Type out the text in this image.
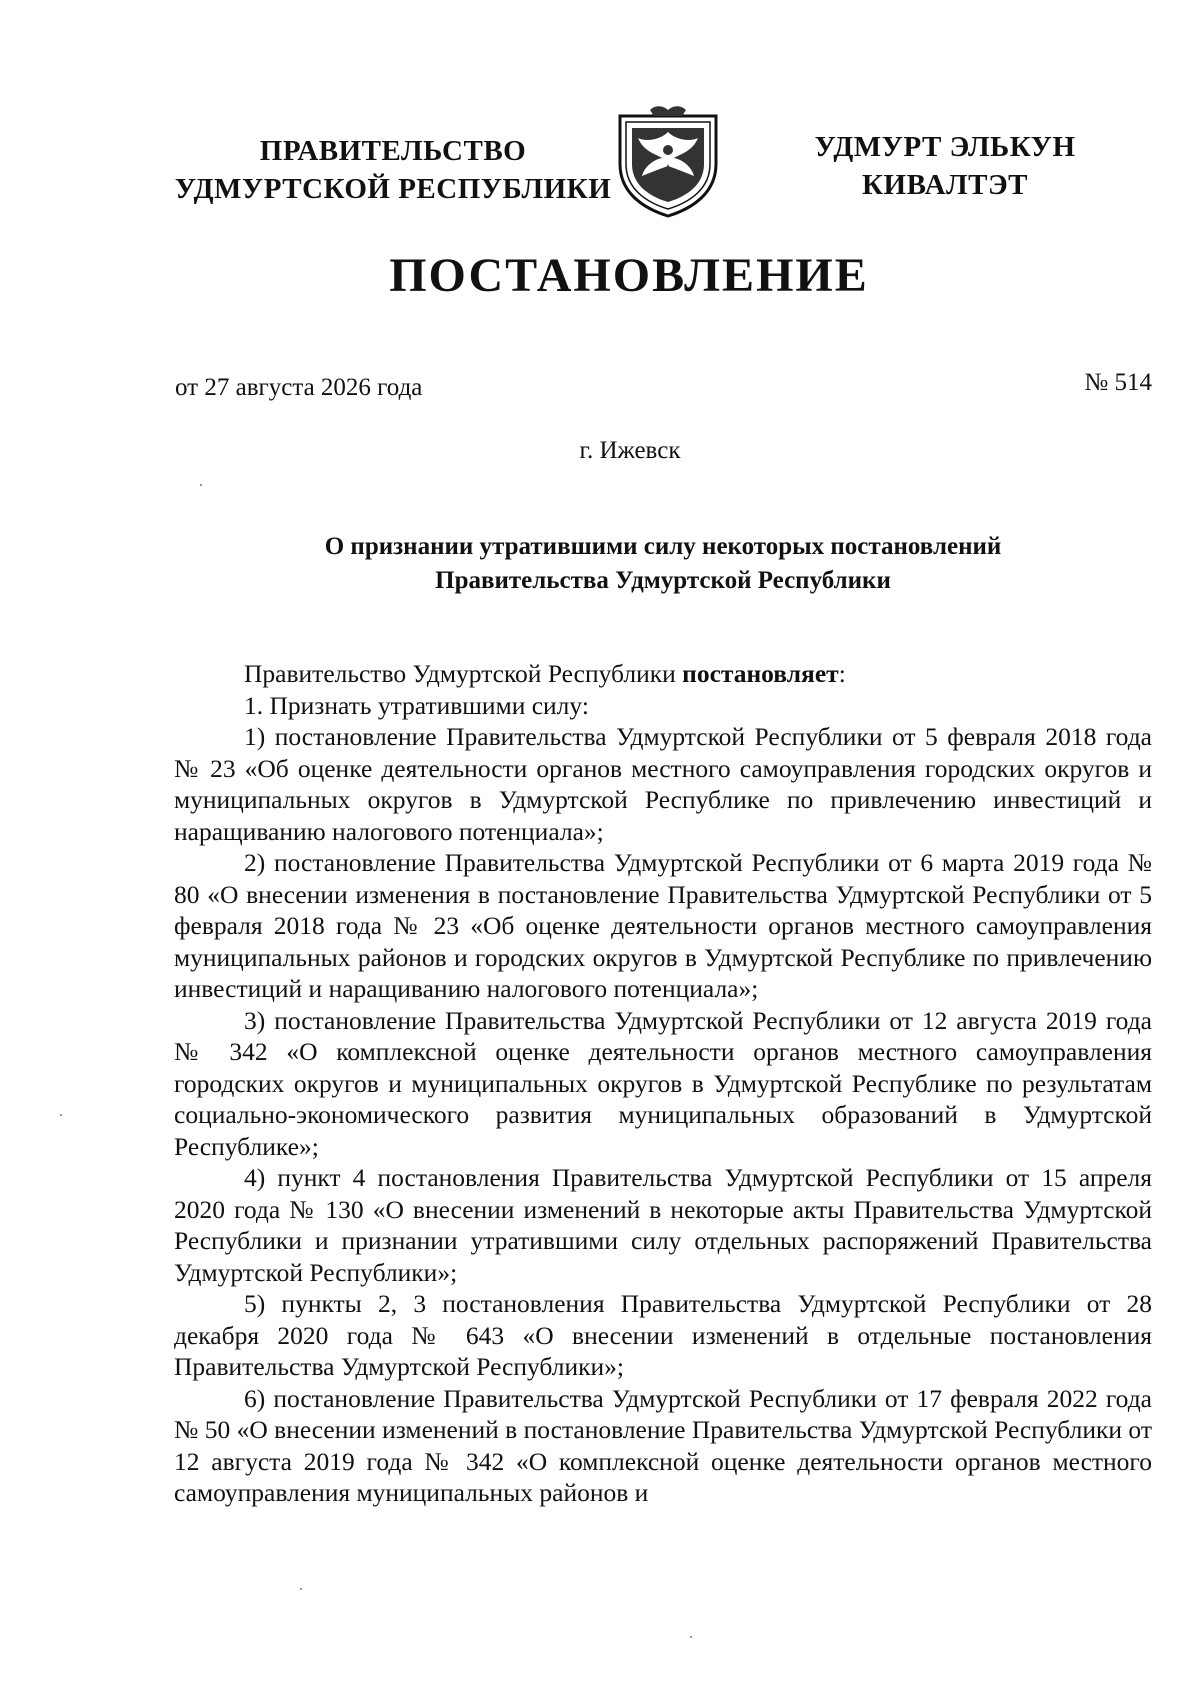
ПРАВИТЕЛЬСТВО
УДМУРТСКОЙ РЕСПУБЛИКИ
УДМУРТ ЭЛЬКУН
КИВАЛТЭТ
ПОСТАНОВЛЕНИЕ
от 27 августа 2026 года	№ 514
г. Ижевск
О признании утратившими силу некоторых постановлений
Правительства Удмуртской Республики

Правительство Удмуртской Республики постановляет:

1. Признать утратившими силу:

1) постановление Правительства Удмуртской Республики от 5 февраля 2018 года № 23 «Об оценке деятельности органов местного самоуправления городских округов и муниципальных округов в Удмуртской Республике по привлечению инвестиций и наращиванию налогового потенциала»;

2) постановление Правительства Удмуртской Республики от 6 марта 2019 года № 80 «О внесении изменения в постановление Правительства Удмуртской Республики от 5 февраля 2018 года № 23 «Об оценке деятельности органов местного самоуправления муниципальных районов и городских округов в Удмуртской Республике по привлечению инвестиций и наращиванию налогового потенциала»;

3) постановление Правительства Удмуртской Республики от 12 августа 2019 года № 342 «О комплексной оценке деятельности органов местного самоуправления городских округов и муниципальных округов в Удмуртской Республике по результатам социально-экономического развития муниципальных образований в Удмуртской Республике»;

4) пункт 4 постановления Правительства Удмуртской Республики от 15 апреля 2020 года № 130 «О внесении изменений в некоторые акты Правительства Удмуртской Республики и признании утратившими силу отдельных распоряжений Правительства Удмуртской Республики»;

5) пункты 2, 3 постановления Правительства Удмуртской Республики от 28 декабря 2020 года № 643 «О внесении изменений в отдельные постановления Правительства Удмуртской Республики»;

6) постановление Правительства Удмуртской Республики от 17 февраля 2022 года № 50 «О внесении изменений в постановление Правительства Удмуртской Республики от 12 августа 2019 года № 342 «О комплексной оценке деятельности органов местного самоуправления муниципальных районов и
